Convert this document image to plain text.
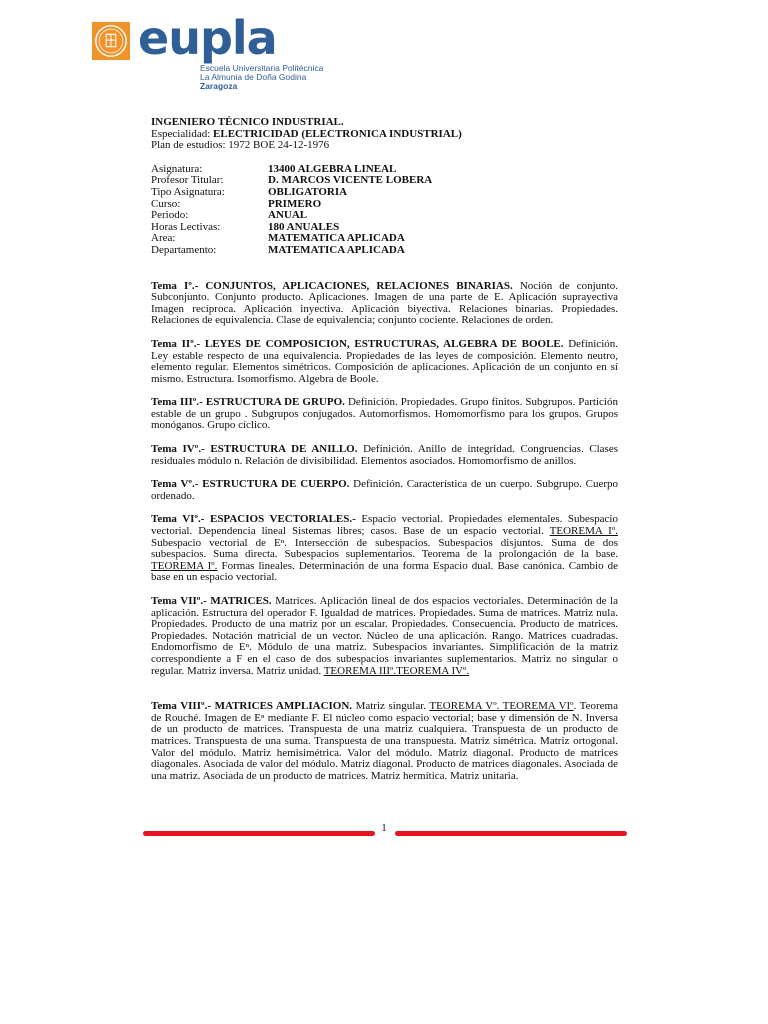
eupla
Escuela Universitaria Politécnica
La Almunia de Doña Godina
Zaragoza
INGENIERO TÉCNICO INDUSTRIAL.
Especialidad: ELECTRICIDAD (ELECTRONICA INDUSTRIAL)
Plan de estudios: 1972 BOE 24-12-1976
Asignatura:	13400 ALGEBRA LINEAL
Profesor Titular:	D. MARCOS VICENTE LOBERA
Tipo Asignatura:	OBLIGATORIA
Curso:	PRIMERO
Periodo:	ANUAL
Horas Lectivas:	180 ANUALES
Area:	MATEMATICA APLICADA
Departamento:	MATEMATICA APLICADA

Tema Iº.- CONJUNTOS, APLICACIONES, RELACIONES BINARIAS. Noción de conjunto. Subconjunto. Conjunto producto. Aplicaciones. Imagen de una parte de E. Aplicación suprayectiva Imagen recíproca. Aplicación inyectiva. Aplicación biyectiva. Relaciones binarias. Propiedades. Relaciones de equivalencia. Clase de equivalencia; conjunto cociente. Relaciones de orden.

Tema IIº.- LEYES DE COMPOSICION, ESTRUCTURAS, ALGEBRA DE BOOLE. Definición. Ley estable respecto de una equivalencia. Propiedades de las leyes de composición. Elemento neutro, elemento regular. Elementos simétricos. Composición de aplicaciones. Aplicación de un conjunto en sí mismo. Estructura. Isomorfismo. Algebra de Boole.

Tema IIIº.- ESTRUCTURA DE GRUPO. Definición. Propiedades. Grupo finitos. Subgrupos. Partición estable de un grupo . Subgrupos conjugados. Automorfismos. Homomorfismo para los grupos. Grupos monóganos. Grupo cíclico.

Tema IVº.- ESTRUCTURA DE ANILLO. Definición. Anillo de integridad. Congruencias. Clases residuales módulo n. Relación de divisibilidad. Elementos asociados. Homomorfismo de anillos.

Tema Vº.- ESTRUCTURA DE CUERPO. Definición. Característica de un cuerpo. Subgrupo. Cuerpo ordenado.

Tema VIº.- ESPACIOS VECTORIALES.- Espacio vectorial. Propiedades elementales. Subespacio vectorial. Dependencia lineal Sistemas libres; casos. Base de un espacio vectorial. TEOREMA Iº. Subespacio vectorial de Eⁿ. Intersección de subespacios. Subespacios disjuntos. Suma de dos subespacios. Suma directa. Subespacios suplementarios. Teorema de la prolongación de la base. TEOREMA Iº. Formas lineales. Determinación de una forma Espacio dual. Base canónica. Cambio de base en un espacio vectorial.

Tema VIIº.- MATRICES. Matrices. Aplicación lineal de dos espacios vectoriales. Determinación de la aplicación. Estructura del operador F. Igualdad de matrices. Propiedades. Suma de matrices. Matriz nula. Propiedades. Producto de una matriz por un escalar. Propiedades. Consecuencia. Producto de matrices. Propiedades. Notación matricial de un vector. Núcleo de una aplicación. Rango. Matrices cuadradas. Endomorfismo de Eⁿ. Módulo de una matriz. Subespacios invariantes. Simplificación de la matriz correspondiente a F en el caso de dos subespacios invariantes suplementarios. Matriz no singular o regular. Matriz inversa. Matriz unidad. TEOREMA IIIº.TEOREMA IVº.

Tema VIIIº.- MATRICES AMPLIACION. Matriz singular. TEOREMA Vº. TEOREMA VIº. Teorema de Rouché. Imagen de Eⁿ mediante F. El núcleo como espacio vectorial; base y dimensión de N. Inversa de un producto de matrices. Transpuesta de una matriz cualquiera. Transpuesta de un producto de matrices. Transpuesta de una suma. Transpuesta de una transpuesta. Matriz simétrica. Matriz ortogonal. Valor del módulo. Matriz hemisimétrica. Valor del módulo. Matriz diagonal. Producto de matrices diagonales. Asociada de valor del módulo. Matriz diagonal. Producto de matrices diagonales. Asociada de una matriz. Asociada de un producto de matrices. Matriz hermítica. Matriz unitaria.

1
